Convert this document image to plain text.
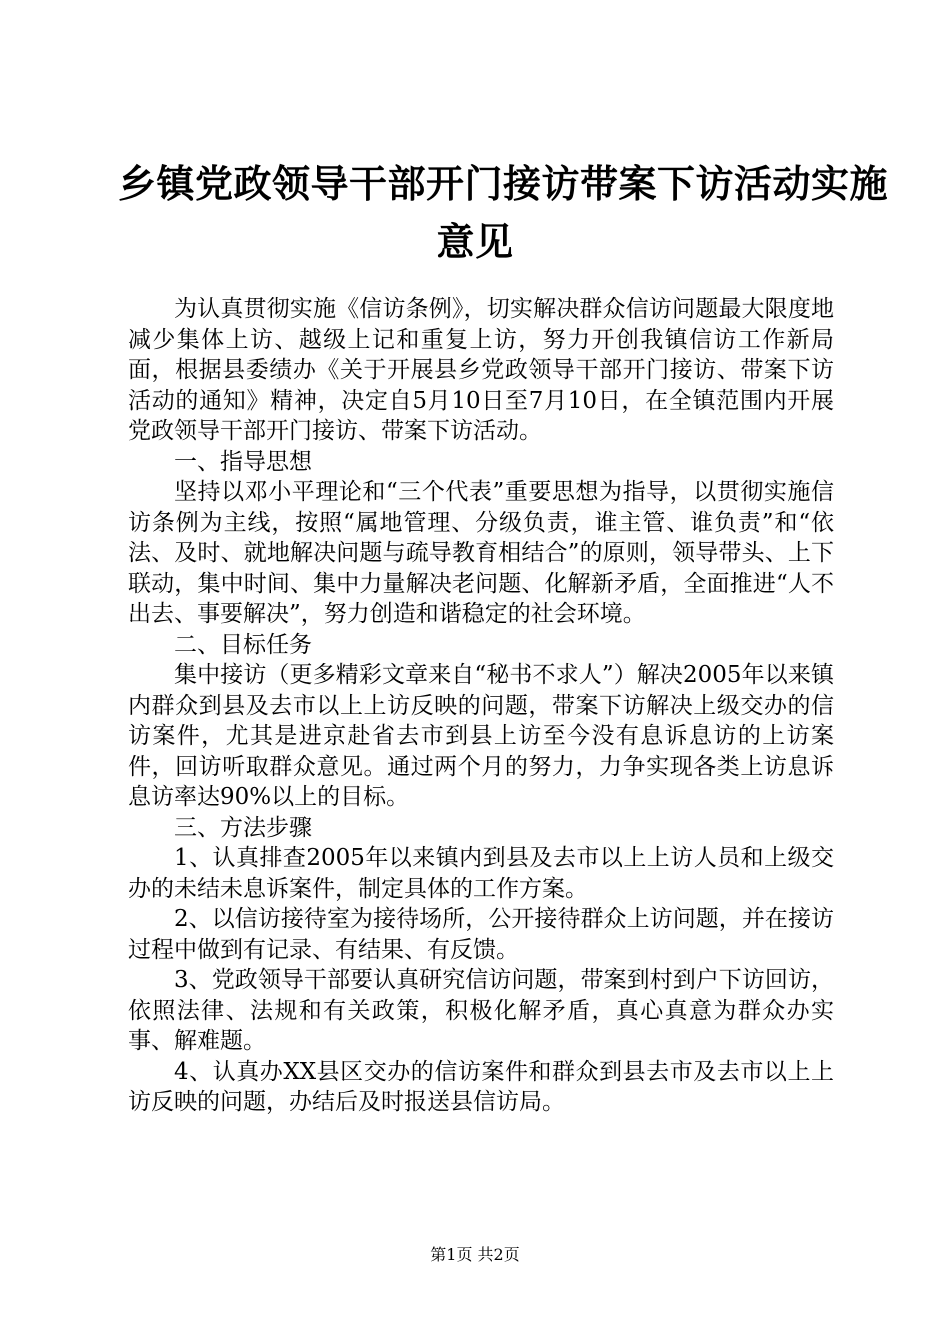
乡镇党政领导干部开门接访带案下访活动实施
意见

为认真贯彻实施《信访条例》，切实解决群众信访问题最大限度地减少集体上访、越级上记和重复上访，努力开创我镇信访工作新局面，根据县委绩办《关于开展县乡党政领导干部开门接访、带案下访活动的通知》精神，决定自5月10日至7月10日，在全镇范围内开展党政领导干部开门接访、带案下访活动。

一、指导思想

坚持以邓小平理论和“三个代表”重要思想为指导，以贯彻实施信访条例为主线，按照“属地管理、分级负责，谁主管、谁负责”和“依法、及时、就地解决问题与疏导教育相结合”的原则，领导带头、上下联动，集中时间、集中力量解决老问题、化解新矛盾，全面推进“人不出去、事要解决”，努力创造和谐稳定的社会环境。

二、目标任务

集中接访（更多精彩文章来自“秘书不求人”）解决2005年以来镇内群众到县及去市以上上访反映的问题，带案下访解决上级交办的信访案件，尤其是进京赴省去市到县上访至今没有息诉息访的上访案件，回访听取群众意见。通过两个月的努力，力争实现各类上访息诉息访率达90%以上的目标。

三、方法步骤

1、认真排查2005年以来镇内到县及去市以上上访人员和上级交办的未结未息诉案件，制定具体的工作方案。

2、以信访接待室为接待场所，公开接待群众上访问题，并在接访过程中做到有记录、有结果、有反馈。

3、党政领导干部要认真研究信访问题，带案到村到户下访回访，依照法律、法规和有关政策，积极化解矛盾，真心真意为群众办实事、解难题。

4、认真办XX县区交办的信访案件和群众到县去市及去市以上上访反映的问题，办结后及时报送县信访局。

第1页 共2页
